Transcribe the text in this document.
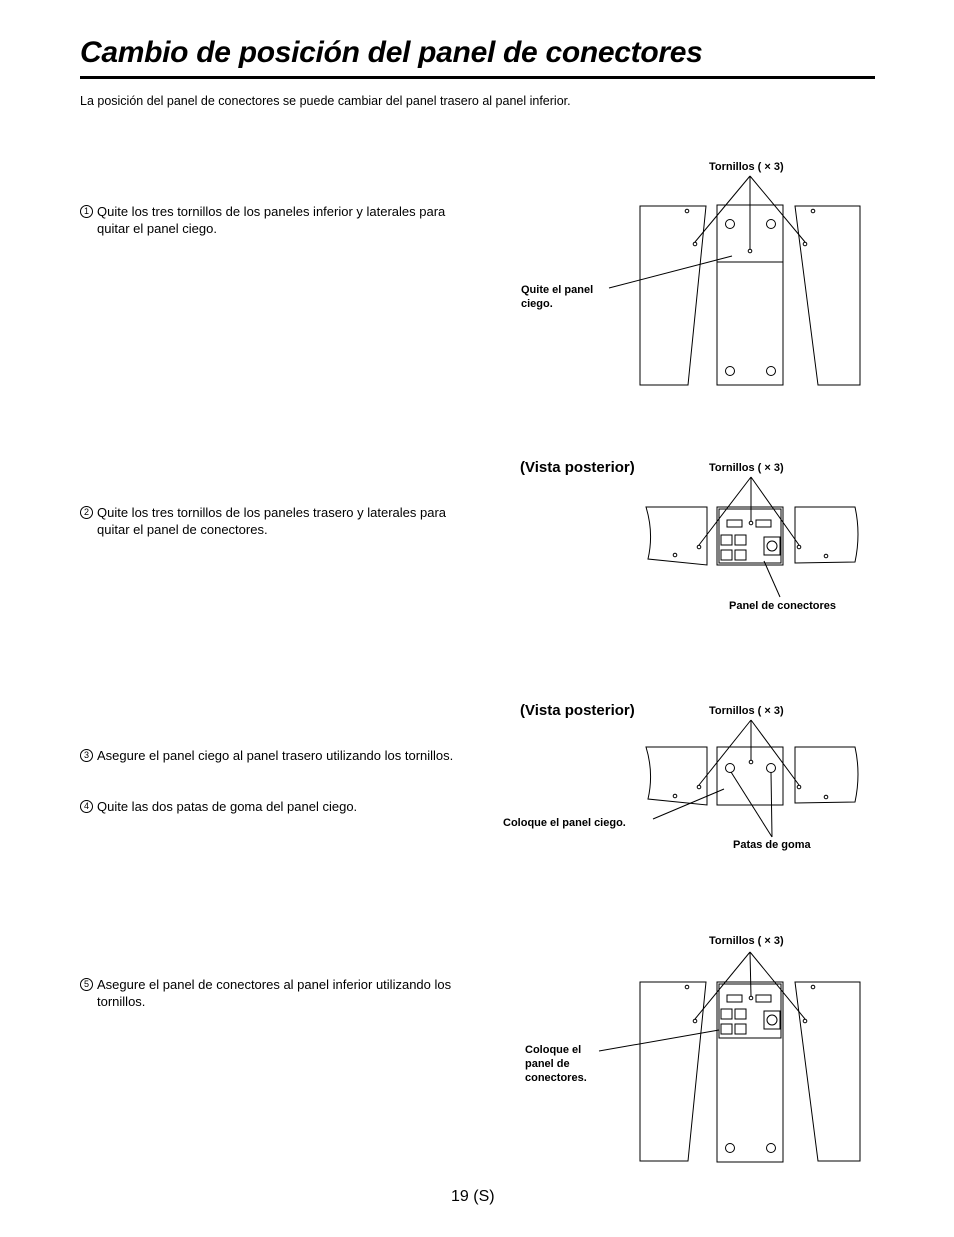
Cambio de posición del panel de conectores
La posición del panel de conectores se puede cambiar del panel trasero al panel inferior.
1 Quite los tres tornillos de los paneles inferior y laterales para quitar el panel ciego.
2 Quite los tres tornillos de los paneles trasero y laterales para quitar el panel de conectores.
3 Asegure el panel ciego al panel trasero utilizando los tornillos.
4 Quite las dos patas de goma del panel ciego.
5 Asegure el panel de conectores al panel inferior utilizando los tornillos.
Tornillos ( × 3)
Quite el panel ciego.
(Vista posterior)	Tornillos ( × 3)
Panel de conectores
(Vista posterior)	Tornillos ( × 3)
Coloque el panel ciego.
Patas de goma
Tornillos ( × 3)
Coloque el panel de conectores.
19 (S)
